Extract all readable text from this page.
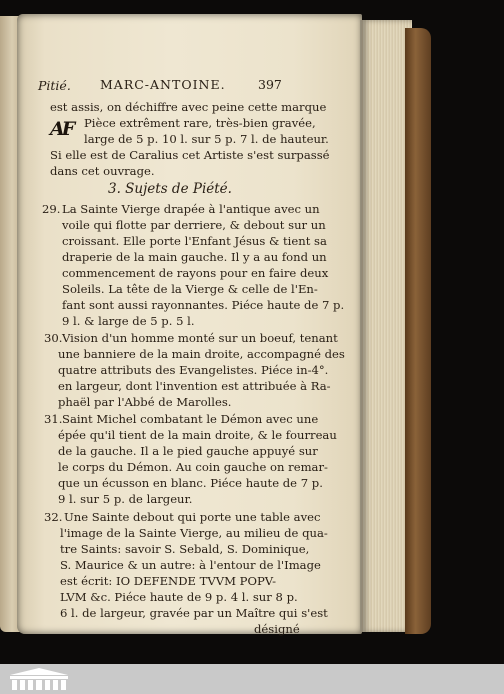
Pitié. MARC-ANTOINE.	397
AF
est assis, on déchiffre avec peine cette marque
Pièce extrêment rare, très-bien gravée,
large de 5 p. 10 l. sur 5 p. 7 l. de hauteur.
Si elle est de Caralius cet Artiste s'est surpassé
dans cet ouvrage.
3. Sujets de Piété.
29. La Sainte Vierge drapée à l'antique avec un
voile qui flotte par derriere, & debout sur un
croissant. Elle porte l'Enfant Jésus & tient sa
draperie de la main gauche. Il y a au fond un
commencement de rayons pour en faire deux
Soleils. La tête de la Vierge & celle de l'En-
fant sont aussi rayonnantes. Piéce haute de 7 p.
9 l. & large de 5 p. 5 l.
30. Vision d'un homme monté sur un boeuf, tenant
une banniere de la main droite, accompagné des
quatre attributs des Evangelistes. Piéce in-4°.
en largeur, dont l'invention est attribuée à Ra-
phaël par l'Abbé de Marolles.
31. Saint Michel combatant le Démon avec une
épée qu'il tient de la main droite, & le fourreau
de la gauche. Il a le pied gauche appuyé sur
le corps du Démon. Au coin gauche on remar-
que un écusson en blanc. Piéce haute de 7 p.
9 l. sur 5 p. de largeur.
32. Une Sainte debout qui porte une table avec
l'image de la Sainte Vierge, au milieu de qua-
tre Saints: savoir S. Sebald, S. Dominique,
S. Maurice & un autre: à l'entour de l'Image
est écrit: IO DEFENDE TVVM POPV-
LVM &c. Piéce haute de 9 p. 4 l. sur 8 p.
6 l. de largeur, gravée par un Maître qui s'est
désigné
